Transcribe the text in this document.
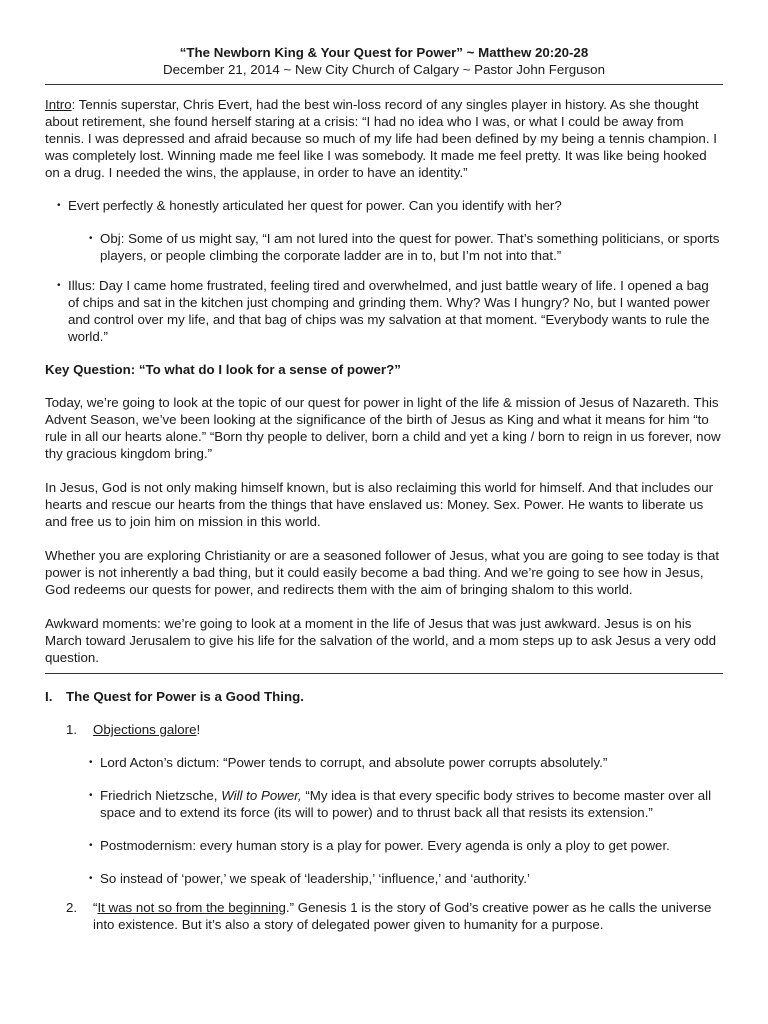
“The Newborn King & Your Quest for Power” ~ Matthew 20:20-28
December 21, 2014 ~ New City Church of Calgary ~ Pastor John Ferguson

Intro: Tennis superstar, Chris Evert, had the best win-loss record of any singles player in history. As she thought about retirement, she found herself staring at a crisis: “I had no idea who I was, or what I could be away from tennis. I was depressed and afraid because so much of my life had been defined by my being a tennis champion. I was completely lost. Winning made me feel like I was somebody. It made me feel pretty. It was like being hooked on a drug. I needed the wins, the applause, in order to have an identity.”

• Evert perfectly & honestly articulated her quest for power. Can you identify with her?
• Obj: Some of us might say, “I am not lured into the quest for power. That’s something politicians, or sports players, or people climbing the corporate ladder are in to, but I’m not into that.”
• Illus: Day I came home frustrated, feeling tired and overwhelmed, and just battle weary of life. I opened a bag of chips and sat in the kitchen just chomping and grinding them. Why? Was I hungry? No, but I wanted power and control over my life, and that bag of chips was my salvation at that moment. “Everybody wants to rule the world.”

Key Question: “To what do I look for a sense of power?”

Today, we’re going to look at the topic of our quest for power in light of the life & mission of Jesus of Nazareth. This Advent Season, we’ve been looking at the significance of the birth of Jesus as King and what it means for him “to rule in all our hearts alone.” “Born thy people to deliver, born a child and yet a king / born to reign in us forever, now thy gracious kingdom bring.”

In Jesus, God is not only making himself known, but is also reclaiming this world for himself. And that includes our hearts and rescue our hearts from the things that have enslaved us: Money. Sex. Power. He wants to liberate us and free us to join him on mission in this world.

Whether you are exploring Christianity or are a seasoned follower of Jesus, what you are going to see today is that power is not inherently a bad thing, but it could easily become a bad thing. And we’re going to see how in Jesus, God redeems our quests for power, and redirects them with the aim of bringing shalom to this world.

Awkward moments: we’re going to look at a moment in the life of Jesus that was just awkward. Jesus is on his March toward Jerusalem to give his life for the salvation of the world, and a mom steps up to ask Jesus a very odd question.

I. The Quest for Power is a Good Thing.
1. Objections galore!
• Lord Acton’s dictum: “Power tends to corrupt, and absolute power corrupts absolutely.”
• Friedrich Nietzsche, Will to Power, “My idea is that every specific body strives to become master over all space and to extend its force (its will to power) and to thrust back all that resists its extension.”
• Postmodernism: every human story is a play for power. Every agenda is only a ploy to get power.
• So instead of ‘power,’ we speak of ‘leadership,’ ‘influence,’ and ‘authority.’
2. “It was not so from the beginning.” Genesis 1 is the story of God’s creative power as he calls the universe into existence. But it’s also a story of delegated power given to humanity for a purpose.
